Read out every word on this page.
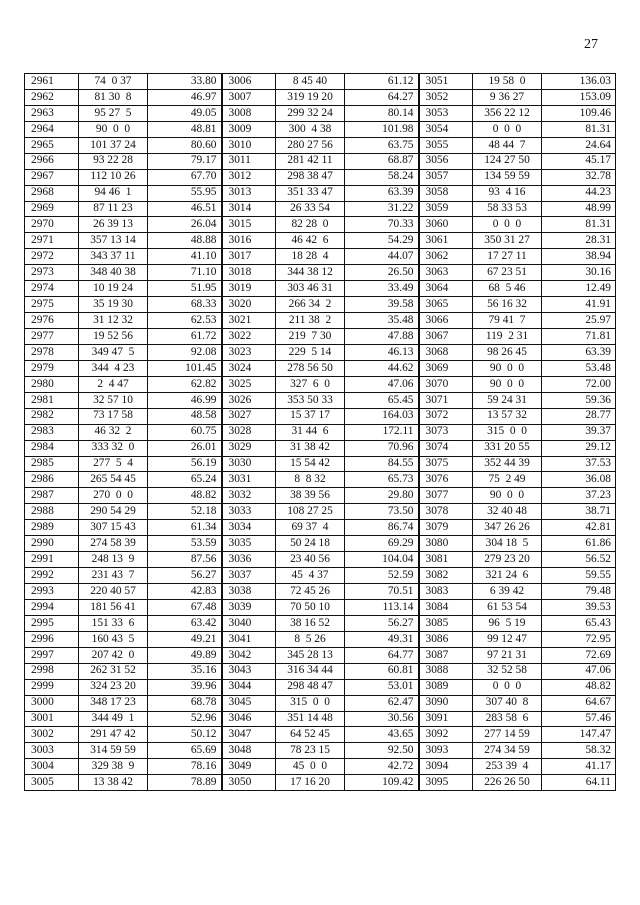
27
2961	74  0 37	33.80	3006	8 45 40	61.12	3051	19 58  0	136.03
2962	81 30  8	46.97	3007	319 19 20	64.27	3052	9 36 27	153.09
2963	95 27  5	49.05	3008	299 32 24	80.14	3053	356 22 12	109.46
2964	90  0  0	48.81	3009	300  4 38	101.98	3054	0  0  0	81.31
2965	101 37 24	80.60	3010	280 27 56	63.75	3055	48 44  7	24.64
2966	93 22 28	79.17	3011	281 42 11	68.87	3056	124 27 50	45.17
2967	112 10 26	67.70	3012	298 38 47	58.24	3057	134 59 59	32.78
2968	94 46  1	55.95	3013	351 33 47	63.39	3058	93  4 16	44.23
2969	87 11 23	46.51	3014	26 33 54	31.22	3059	58 33 53	48.99
2970	26 39 13	26.04	3015	82 28  0	70.33	3060	0  0  0	81.31
2971	357 13 14	48.88	3016	46 42  6	54.29	3061	350 31 27	28.31
2972	343 37 11	41.10	3017	18 28  4	44.07	3062	17 27 11	38.94
2973	348 40 38	71.10	3018	344 38 12	26.50	3063	67 23 51	30.16
2974	10 19 24	51.95	3019	303 46 31	33.49	3064	68  5 46	12.49
2975	35 19 30	68.33	3020	266 34  2	39.58	3065	56 16 32	41.91
2976	31 12 32	62.53	3021	211 38  2	35.48	3066	79 41  7	25.97
2977	19 52 56	61.72	3022	219  7 30	47.88	3067	119  2 31	71.81
2978	349 47  5	92.08	3023	229  5 14	46.13	3068	98 26 45	63.39
2979	344  4 23	101.45	3024	278 56 50	44.62	3069	90  0  0	53.48
2980	2  4 47	62.82	3025	327  6  0	47.06	3070	90  0  0	72.00
2981	32 57 10	46.99	3026	353 50 33	65.45	3071	59 24 31	59.36
2982	73 17 58	48.58	3027	15 37 17	164.03	3072	13 57 32	28.77
2983	46 32  2	60.75	3028	31 44  6	172.11	3073	315  0  0	39.37
2984	333 32  0	26.01	3029	31 38 42	70.96	3074	331 20 55	29.12
2985	277  5  4	56.19	3030	15 54 42	84.55	3075	352 44 39	37.53
2986	265 54 45	65.24	3031	8  8 32	65.73	3076	75  2 49	36.08
2987	270  0  0	48.82	3032	38 39 56	29.80	3077	90  0  0	37.23
2988	290 54 29	52.18	3033	108 27 25	73.50	3078	32 40 48	38.71
2989	307 15 43	61.34	3034	69 37  4	86.74	3079	347 26 26	42.81
2990	274 58 39	53.59	3035	50 24 18	69.29	3080	304 18  5	61.86
2991	248 13  9	87.56	3036	23 40 56	104.04	3081	279 23 20	56.52
2992	231 43  7	56.27	3037	45  4 37	52.59	3082	321 24  6	59.55
2993	220 40 57	42.83	3038	72 45 26	70.51	3083	6 39 42	79.48
2994	181 56 41	67.48	3039	70 50 10	113.14	3084	61 53 54	39.53
2995	151 33  6	63.42	3040	38 16 52	56.27	3085	96  5 19	65.43
2996	160 43  5	49.21	3041	8  5 26	49.31	3086	99 12 47	72.95
2997	207 42  0	49.89	3042	345 28 13	64.77	3087	97 21 31	72.69
2998	262 31 52	35.16	3043	316 34 44	60.81	3088	32 52 58	47.06
2999	324 23 20	39.96	3044	298 48 47	53.01	3089	0  0  0	48.82
3000	348 17 23	68.78	3045	315  0  0	62.47	3090	307 40  8	64.67
3001	344 49  1	52.96	3046	351 14 48	30.56	3091	283 58  6	57.46
3002	291 47 42	50.12	3047	64 52 45	43.65	3092	277 14 59	147.47
3003	314 59 59	65.69	3048	78 23 15	92.50	3093	274 34 59	58.32
3004	329 38  9	78.16	3049	45  0  0	42.72	3094	253 39  4	41.17
3005	13 38 42	78.89	3050	17 16 20	109.42	3095	226 26 50	64.11
